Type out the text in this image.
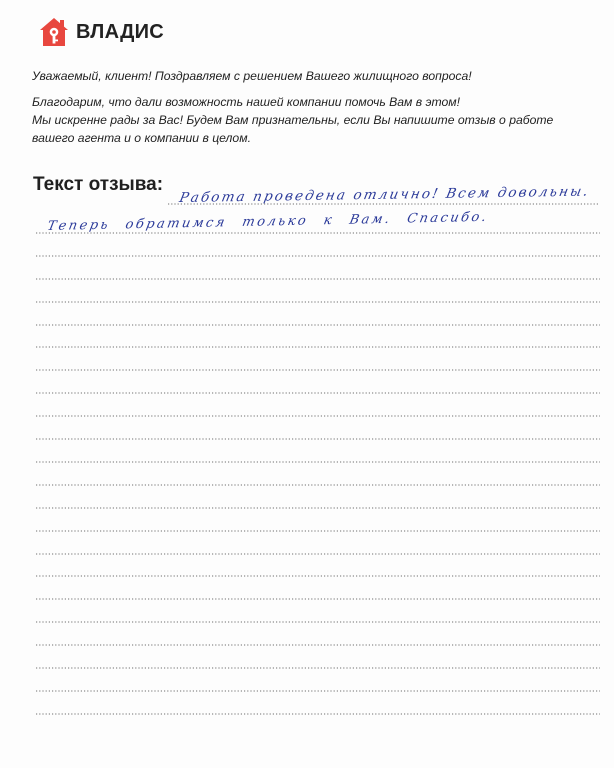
ВЛАДИС
Уважаемый, клиент! Поздравляем с решением Вашего жилищного вопроса!
Благодарим, что дали возможность нашей компании помочь Вам в этом!
Мы искренне рады за Вас! Будем Вам признательны, если Вы напишите отзыв о работе
вашего агента и о компании в целом.
Текст отзыва: Работа проведена отлично! Всем довольны.
Теперь обратимся только к Вам. Спасибо.
